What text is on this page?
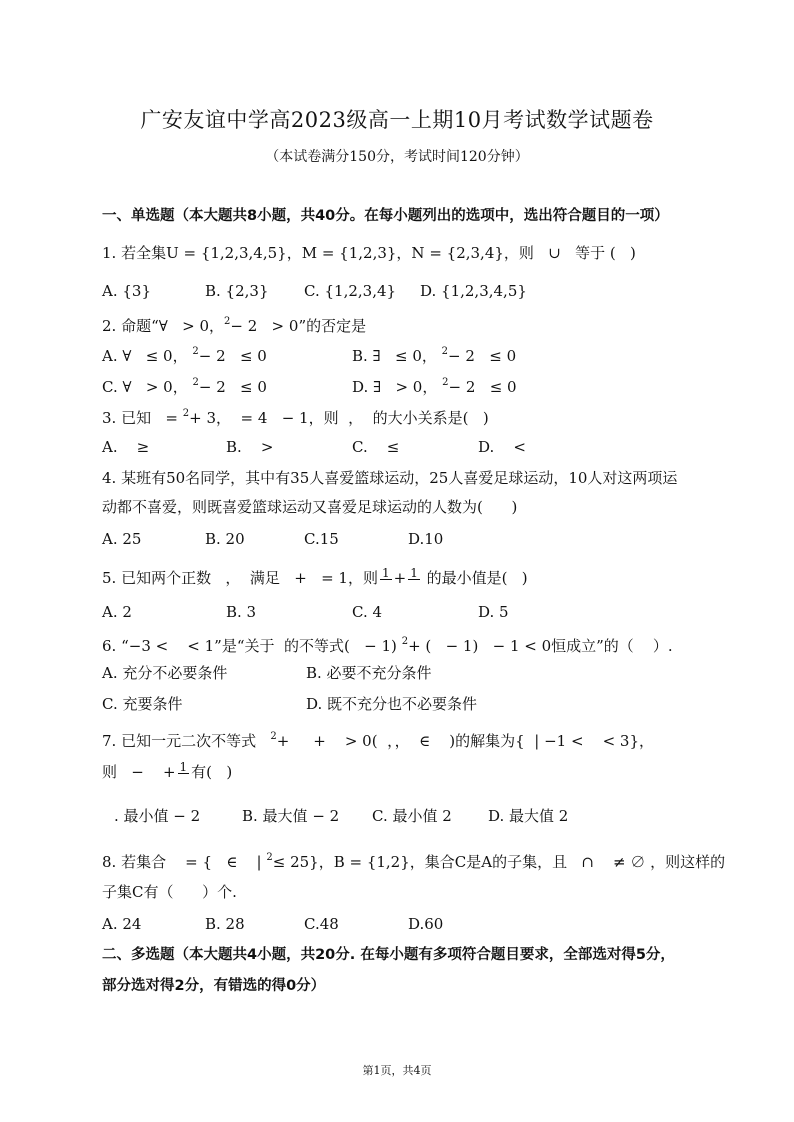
广安友谊中学高2023级高一上期10月考试数学试题卷
（本试卷满分150分，考试时间120分钟）
一、单选题（本大题共8小题，共40分。在每小题列出的选项中，选出符合题目的一项）
1. 若全集U = {1,2,3,4,5}，M = {1,2,3}，N = {2,3,4}，则   ∪   等于 (   )
A. {3}	B. {2,3} C. {1,2,3,4} D. {1,2,3,4,5}
2. 命题“∀   > 0，$^2$− 2   > 0”的否定是
A. ∀   ≤ 0， $^2$− 2   ≤ 0	B. ∃   ≤ 0， $^2$− 2   ≤ 0
C. ∀   > 0， $^2$− 2   ≤ 0	D. ∃   > 0， $^2$− 2   ≤ 0
3. 已知   = $^2$+ 3，  = 4   − 1，则  ，  的大小关系是(   )
A.    ≥	B.    >	C.    ≤	D.    <
4. 某班有50名同学，其中有35人喜爱篮球运动，25人喜爱足球运动，10人对这两项运
动都不喜爱，则既喜爱篮球运动又喜爱足球运动的人数为(      )
A. 25	B. 20	C.15	D.10
5. 已知两个正数   ，  满足   +   = 1，则 1 + 1 的最小值是(   )
A. 2	B. 3	C. 4	D. 5
6. “−3 <    < 1”是“关于  的不等式(   − 1) $^2$+ (   − 1)   − 1 < 0恒成立”的（    ）.
A. 充分不必要条件	B. 必要不充分条件
C. 充要条件	D. 既不充分也不必要条件
7. 已知一元二次不等式 $^2$+     +    > 0(  ，，  ∈    )的解集为{  | −1 <    < 3}，
则   −    + 1 有(   )
. 最小值 − 2	B. 最大值 − 2 C. 最小值 2 D. 最大值 2
8. 若集合    = {   ∈    | $^2$≤ 25}，B = {1,2}，集合C是A的子集，且   ∩    ≠ ∅ ，则这样的
子集C有（      ）个.
A. 24	B. 28	C.48	D.60
二、多选题（本大题共4小题，共20分. 在每小题有多项符合题目要求，全部选对得5分，
部分选对得2分，有错选的得0分）
第1页，共4页
